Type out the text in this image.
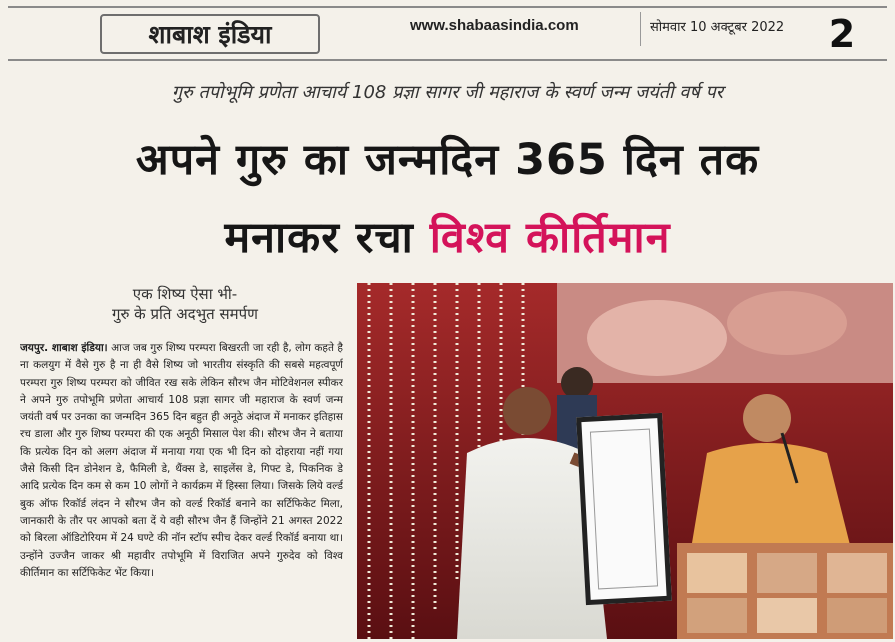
शाबाश इंडिया	www.shabaasindia.com	सोमवार 10 अक्टूबर 2022	2
गुरु तपोभूमि प्रणेता आचार्य 108 प्रज्ञा सागर जी महाराज के स्वर्ण जन्म जयंती वर्ष पर
अपने गुरु का जन्मदिन 365 दिन तक
मनाकर रचा विश्व कीर्तिमान
एक शिष्य ऐसा भी-
गुरु के प्रति अदभुत समर्पण
जयपुर. शाबाश इंडिया। आज जब गुरु शिष्य परम्परा बिखरती जा रही है, लोग कहते है ना कलयुग में वैसे गुरु है ना ही वैसे शिष्य जो भारतीय संस्कृति की सबसे महत्वपूर्ण परम्परा गुरु शिष्य परम्परा को जीवित रख सके लेकिन सौरभ जैन मोटिवेशनल स्पीकर ने अपने गुरु तपोभूमि प्रणेता आचार्य 108 प्रज्ञा सागर जी महाराज के स्वर्ण जन्म जयंती वर्ष पर उनका का जन्मदिन 365 दिन बहुत ही अनूठे अंदाज में मनाकर इतिहास रच डाला और गुरु शिष्य परम्परा की एक अनूठी मिसाल पेश की। सौरभ जैन ने बताया कि प्रत्येक दिन को अलग अंदाज में मनाया गया एक भी दिन को दोहराया नहीं गया जैसे किसी दिन डोनेशन डे, फैमिली डे, थैंक्स डे, साइलेंस डे, गिफ्ट डे, पिकनिक डे आदि प्रत्येक दिन कम से कम 10 लोगों ने कार्यक्रम में हिस्सा लिया। जिसके लिये वर्ल्ड बुक ऑफ रिकॉर्ड लंदन ने सौरभ जैन को वर्ल्ड रिकॉर्ड बनाने का सर्टिफिकेट मिला, जानकारी के तौर पर आपको बता दें ये वही सौरभ जैन हैं जिन्होंने 21 अगस्त 2022 को बिरला ऑडिटोरियम में 24 घण्टे की नॉन स्टॉप स्पीच देकर वर्ल्ड रिकॉर्ड बनाया था। उन्होंने उज्जैन जाकर श्री महावीर तपोभूमि में विराजित अपने गुरुदेव को विश्व कीर्तिमान का सर्टिफिकेट भेंट किया।
